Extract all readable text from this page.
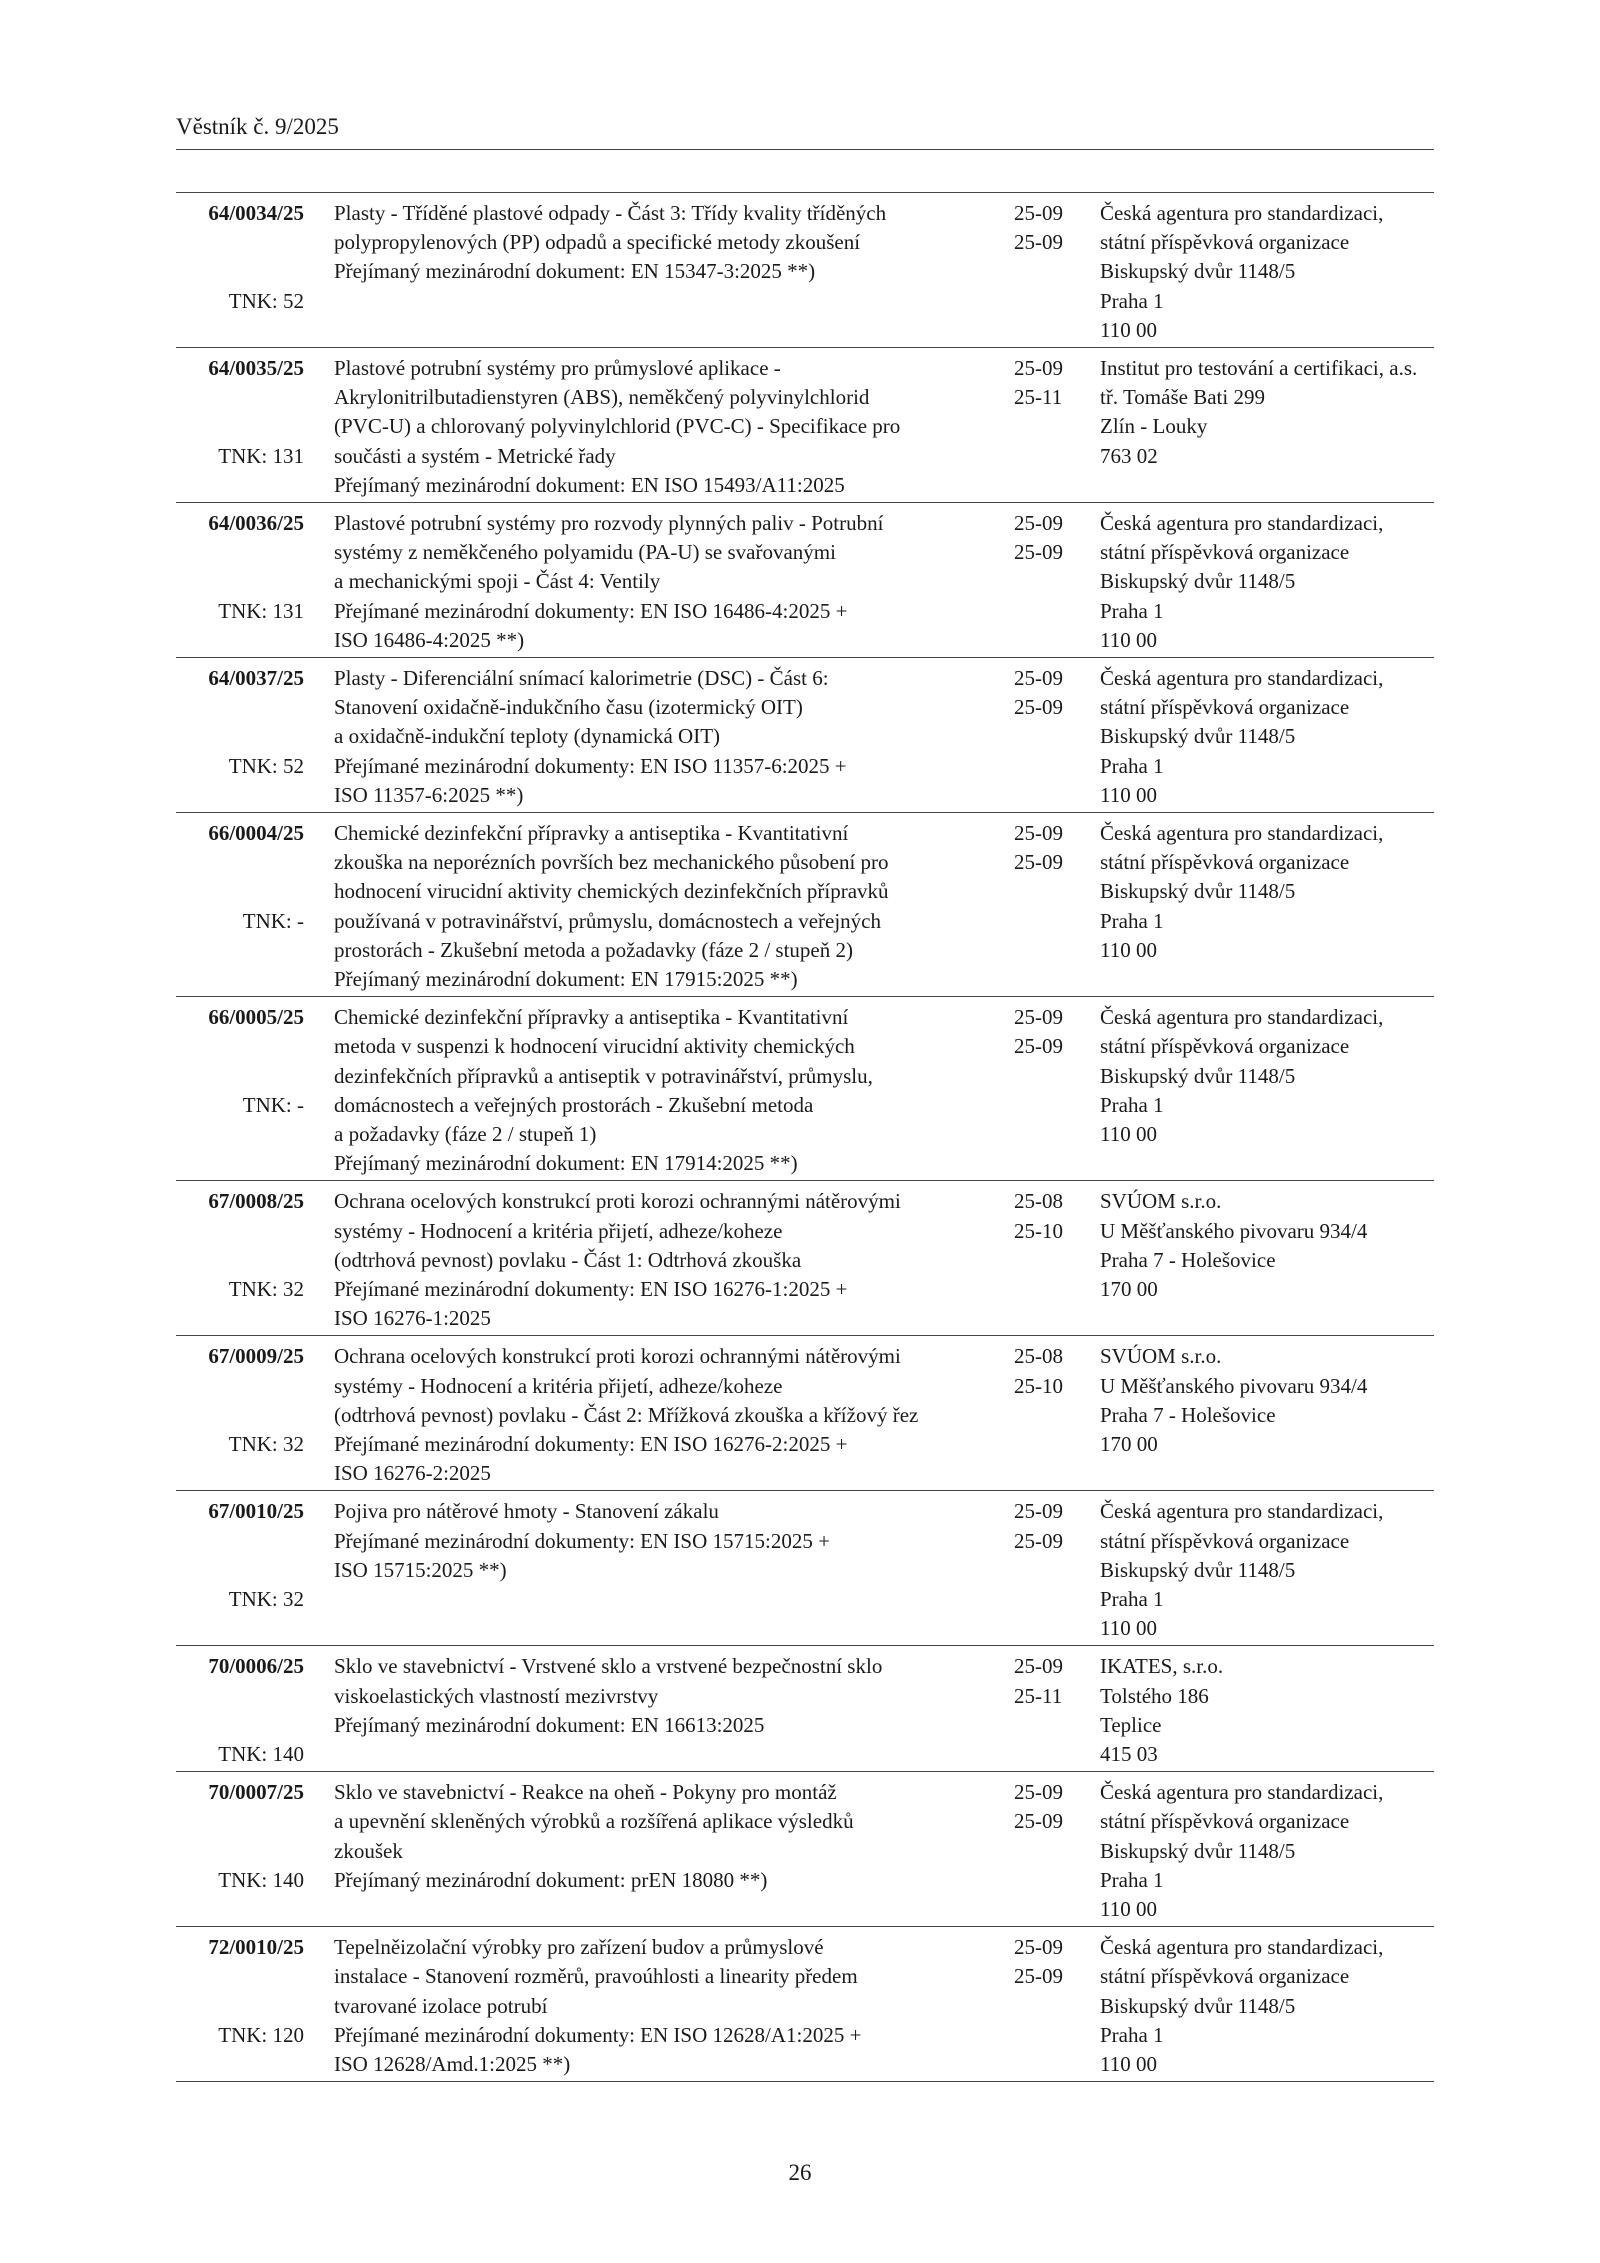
Věstník č. 9/2025
64/0034/25
TNK: 52
Plasty - Tříděné plastové odpady - Část 3: Třídy kvality tříděných
polypropylenových (PP) odpadů a specifické metody zkoušení
Přejímaný mezinárodní dokument: EN 15347-3:2025 **)
25-09
25-09
Česká agentura pro standardizaci,
státní příspěvková organizace
Biskupský dvůr 1148/5
Praha 1
110 00
64/0035/25
TNK: 131
Plastové potrubní systémy pro průmyslové aplikace -
Akrylonitrilbutadienstyren (ABS), neměkčený polyvinylchlorid
(PVC-U) a chlorovaný polyvinylchlorid (PVC-C) - Specifikace pro
součásti a systém - Metrické řady
Přejímaný mezinárodní dokument: EN ISO 15493/A11:2025
25-09
25-11
Institut pro testování a certifikaci, a.s.
tř. Tomáše Bati 299
Zlín - Louky
763 02
64/0036/25
TNK: 131
Plastové potrubní systémy pro rozvody plynných paliv - Potrubní
systémy z neměkčeného polyamidu (PA-U) se svařovanými
a mechanickými spoji - Část 4: Ventily
Přejímané mezinárodní dokumenty: EN ISO 16486-4:2025 +
ISO 16486-4:2025 **)
25-09
25-09
Česká agentura pro standardizaci,
státní příspěvková organizace
Biskupský dvůr 1148/5
Praha 1
110 00
64/0037/25
TNK: 52
Plasty - Diferenciální snímací kalorimetrie (DSC) - Část 6:
Stanovení oxidačně-indukčního času (izotermický OIT)
a oxidačně-indukční teploty (dynamická OIT)
Přejímané mezinárodní dokumenty: EN ISO 11357-6:2025 +
ISO 11357-6:2025 **)
25-09
25-09
Česká agentura pro standardizaci,
státní příspěvková organizace
Biskupský dvůr 1148/5
Praha 1
110 00
66/0004/25
TNK: -
Chemické dezinfekční přípravky a antiseptika - Kvantitativní
zkouška na neporézních površích bez mechanického působení pro
hodnocení virucidní aktivity chemických dezinfekčních přípravků
používaná v potravinářství, průmyslu, domácnostech a veřejných
prostorách - Zkušební metoda a požadavky (fáze 2 / stupeň 2)
Přejímaný mezinárodní dokument: EN 17915:2025 **)
25-09
25-09
Česká agentura pro standardizaci,
státní příspěvková organizace
Biskupský dvůr 1148/5
Praha 1
110 00
66/0005/25
TNK: -
Chemické dezinfekční přípravky a antiseptika - Kvantitativní
metoda v suspenzi k hodnocení virucidní aktivity chemických
dezinfekčních přípravků a antiseptik v potravinářství, průmyslu,
domácnostech a veřejných prostorách - Zkušební metoda
a požadavky (fáze 2 / stupeň 1)
Přejímaný mezinárodní dokument: EN 17914:2025 **)
25-09
25-09
Česká agentura pro standardizaci,
státní příspěvková organizace
Biskupský dvůr 1148/5
Praha 1
110 00
67/0008/25
TNK: 32
Ochrana ocelových konstrukcí proti korozi ochrannými nátěrovými
systémy - Hodnocení a kritéria přijetí, adheze/koheze
(odtrhová pevnost) povlaku - Část 1: Odtrhová zkouška
Přejímané mezinárodní dokumenty: EN ISO 16276-1:2025 +
ISO 16276-1:2025
25-08
25-10
SVÚOM s.r.o.
U Měšťanského pivovaru 934/4
Praha 7 - Holešovice
170 00
67/0009/25
TNK: 32
Ochrana ocelových konstrukcí proti korozi ochrannými nátěrovými
systémy - Hodnocení a kritéria přijetí, adheze/koheze
(odtrhová pevnost) povlaku - Část 2: Mřížková zkouška a křížový řez
Přejímané mezinárodní dokumenty: EN ISO 16276-2:2025 +
ISO 16276-2:2025
25-08
25-10
SVÚOM s.r.o.
U Měšťanského pivovaru 934/4
Praha 7 - Holešovice
170 00
67/0010/25
TNK: 32
Pojiva pro nátěrové hmoty - Stanovení zákalu
Přejímané mezinárodní dokumenty: EN ISO 15715:2025 +
ISO 15715:2025 **)
25-09
25-09
Česká agentura pro standardizaci,
státní příspěvková organizace
Biskupský dvůr 1148/5
Praha 1
110 00
70/0006/25
TNK: 140
Sklo ve stavebnictví - Vrstvené sklo a vrstvené bezpečnostní sklo
viskoelastických vlastností mezivrstvy
Přejímaný mezinárodní dokument: EN 16613:2025
25-09
25-11
IKATES, s.r.o.
Tolstého 186
Teplice
415 03
70/0007/25
TNK: 140
Sklo ve stavebnictví - Reakce na oheň - Pokyny pro montáž
a upevnění skleněných výrobků a rozšířená aplikace výsledků
zkoušek
Přejímaný mezinárodní dokument: prEN 18080 **)
25-09
25-09
Česká agentura pro standardizaci,
státní příspěvková organizace
Biskupský dvůr 1148/5
Praha 1
110 00
72/0010/25
TNK: 120
Tepelněizolační výrobky pro zařízení budov a průmyslové
instalace - Stanovení rozměrů, pravoúhlosti a linearity předem
tvarované izolace potrubí
Přejímané mezinárodní dokumenty: EN ISO 12628/A1:2025 +
ISO 12628/Amd.1:2025 **)
25-09
25-09
Česká agentura pro standardizaci,
státní příspěvková organizace
Biskupský dvůr 1148/5
Praha 1
110 00
26
